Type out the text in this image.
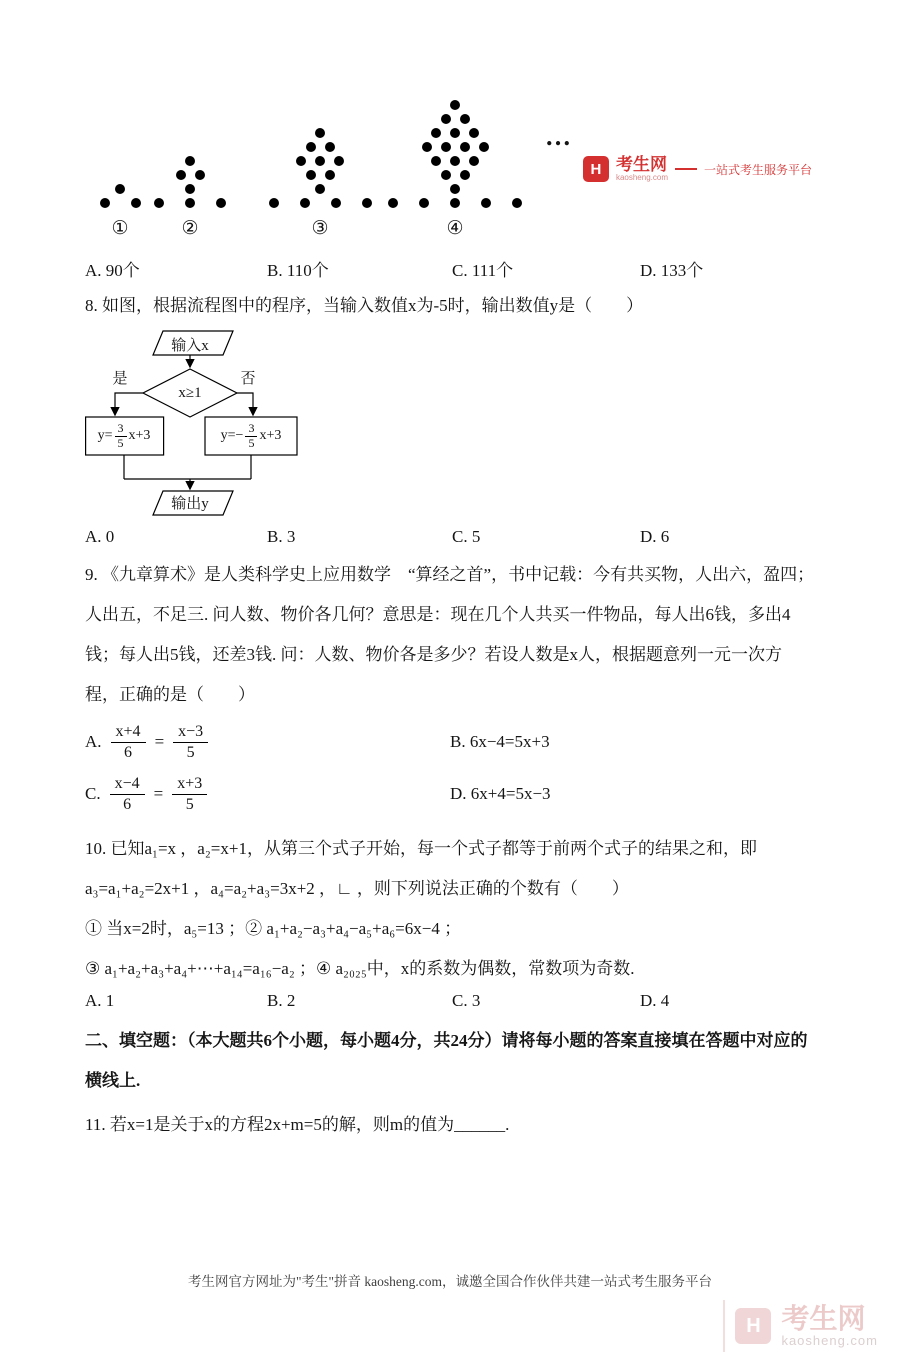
H 考生网
kaosheng.com
一站式考生服务平台
①	②	③	④
…
A. 90个	B. 110个	C. 111个	D. 133个

8. 如图，根据流程图中的程序，当输入数值x为-5时，输出数值y是（　　）

输入x
x≥1
是	否
$y= \frac{3}{5} x+3$	$y=- \frac{3}{5} x+3$
输出y
A. 0	B. 3	C. 5	D. 6

9. 《九章算术》是人类科学史上应用数学　“算经之首”，书中记载：今有共买物，人出六，盈四；人出五，不足三. 问人数、物价各几何？意思是：现在几个人共买一件物品，每人出6钱，多出4钱；每人出5钱，还差3钱. 问：人数、物价各是多少？若设人数是x人，根据题意列一元一次方程，正确的是（　　）

A. $\frac{x+4}{6} = \frac{x-3}{5}$	B. 6x−4=5x+3
C. $\frac{x-4}{6} = \frac{x+3}{5}$	D. 6x+4=5x−3
10. 已知a₁=x ，a₂=x+1，从第三个式子开始，每一个式子都等于前两个式子的结果之和，即
a₃=a₁+a₂=2x+1 ，a₄=a₂+a₃=3x+2 ，∟ ，则下列说法正确的个数有（　　）
① 当x=2时，a₅=13 ；② a₁+a₂−a₃+a₄−a₅+a₆=6x−4 ；
③ a₁+a₂+a₃+a₄+⋯+a₁₄=a₁₆−a₂ ；④ a₂₀₂₅中，x的系数为偶数，常数项为奇数.
A. 1	B. 2	C. 3	D. 4

二、填空题：（本大题共6个小题，每小题4分，共24分）请将每小题的答案直接填在答题中对应的横线上.

11. 若x=1是关于x的方程2x+m=5的解，则m的值为______.

考生网官方网址为"考生"拼音 kaosheng.com，诚邀全国合作伙伴共建一站式考生服务平台
H 考生网
kaosheng.com
